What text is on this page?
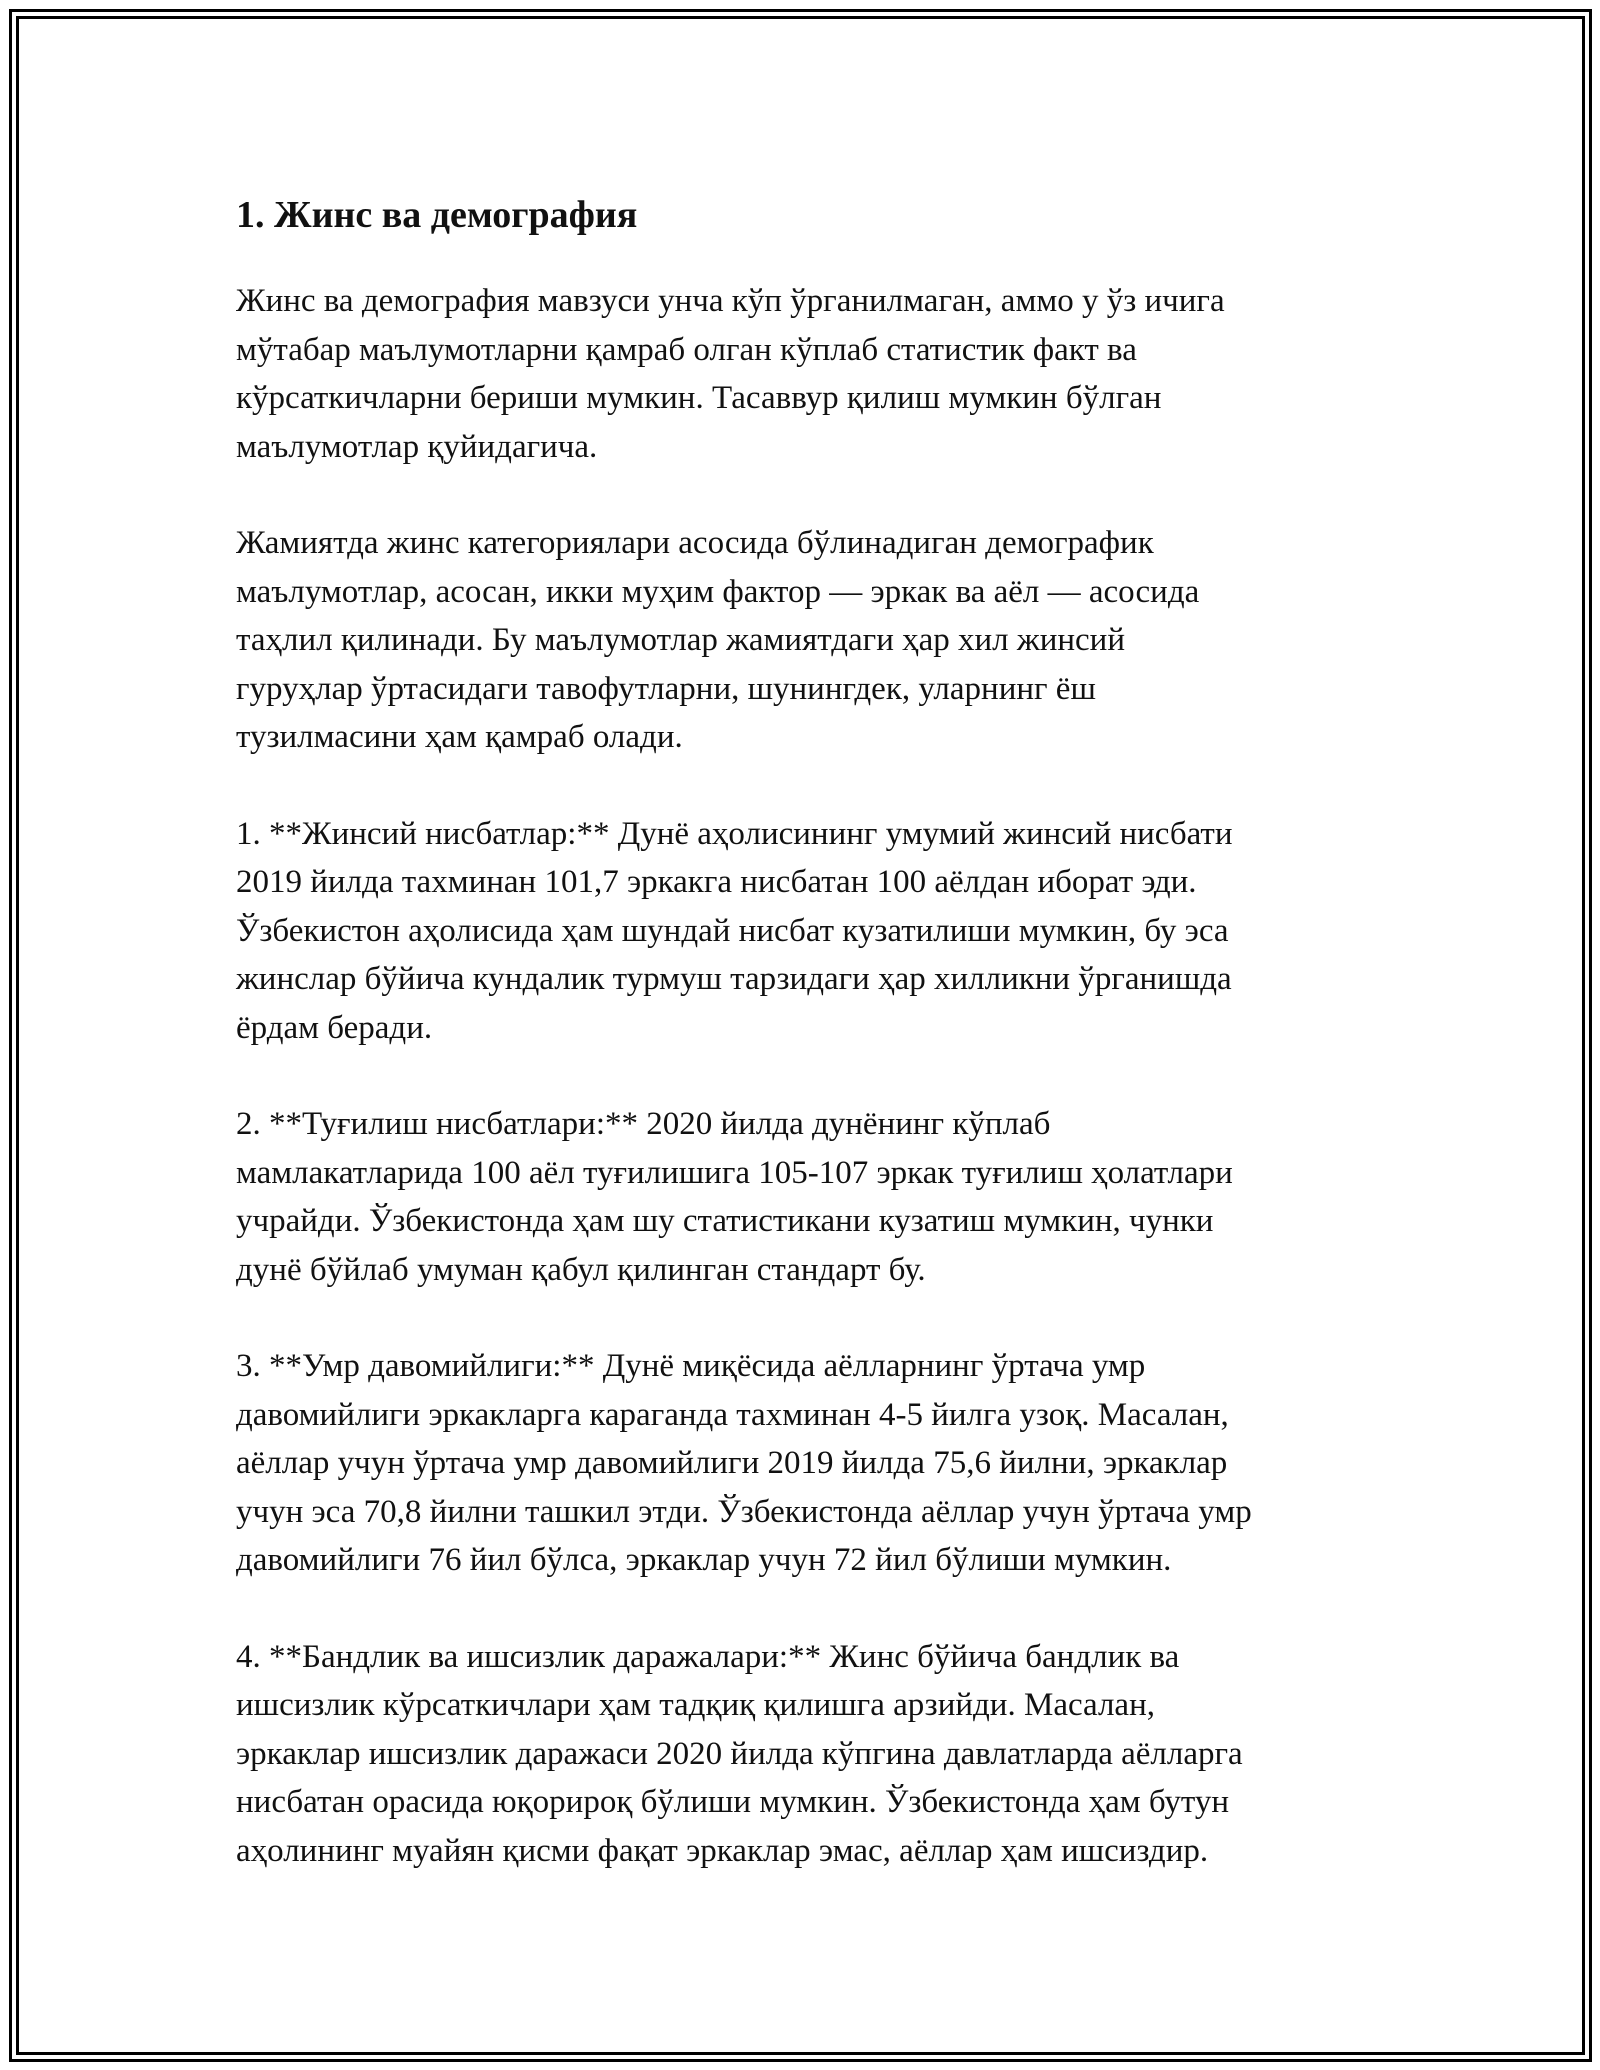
1. Жинс ва демография

Жинс ва демография мавзуси унча кўп ўрганилмаган, аммо у ўз ичига
мўтабар маълумотларни қамраб олган кўплаб статистик факт ва
кўрсаткичларни бериши мумкин. Тасаввур қилиш мумкин бўлган
маълумотлар қуйидагича.

Жамиятда жинс категориялари асосида бўлинадиган демографик
маълумотлар, асосан, икки муҳим фактор — эркак ва аёл — асосида
таҳлил қилинади. Бу маълумотлар жамиятдаги ҳар хил жинсий
гуруҳлар ўртасидаги тавофутларни, шунингдек, уларнинг ёш
тузилмасини ҳам қамраб олади.

1. **Жинсий нисбатлар:** Дунё аҳолисининг умумий жинсий нисбати
2019 йилда тахминан 101,7 эркакга нисбатан 100 аёлдан иборат эди.
Ўзбекистон аҳолисида ҳам шундай нисбат кузатилиши мумкин, бу эса
жинслар бўйича кундалик турмуш тарзидаги ҳар хилликни ўрганишда
ёрдам беради.

2. **Туғилиш нисбатлари:** 2020 йилда дунёнинг кўплаб
мамлакатларида 100 аёл туғилишига 105-107 эркак туғилиш ҳолатлари
учрайди. Ўзбекистонда ҳам шу статистикани кузатиш мумкин, чунки
дунё бўйлаб умуман қабул қилинган стандарт бу.

3. **Умр давомийлиги:** Дунё миқёсида аёлларнинг ўртача умр
давомийлиги эркакларга караганда тахминан 4-5 йилга узоқ. Масалан,
аёллар учун ўртача умр давомийлиги 2019 йилда 75,6 йилни, эркаклар
учун эса 70,8 йилни ташкил этди. Ўзбекистонда аёллар учун ўртача умр
давомийлиги 76 йил бўлса, эркаклар учун 72 йил бўлиши мумкин.

4. **Бандлик ва ишсизлик даражалари:** Жинс бўйича бандлик ва
ишсизлик кўрсаткичлари ҳам тадқиқ қилишга арзийди. Масалан,
эркаклар ишсизлик даражаси 2020 йилда кўпгина давлатларда аёлларга
нисбатан орасида юқорироқ бўлиши мумкин. Ўзбекистонда ҳам бутун
aҳолининг муайян қисми фақат эркаклар эмас, аёллар ҳам ишсиздир.
